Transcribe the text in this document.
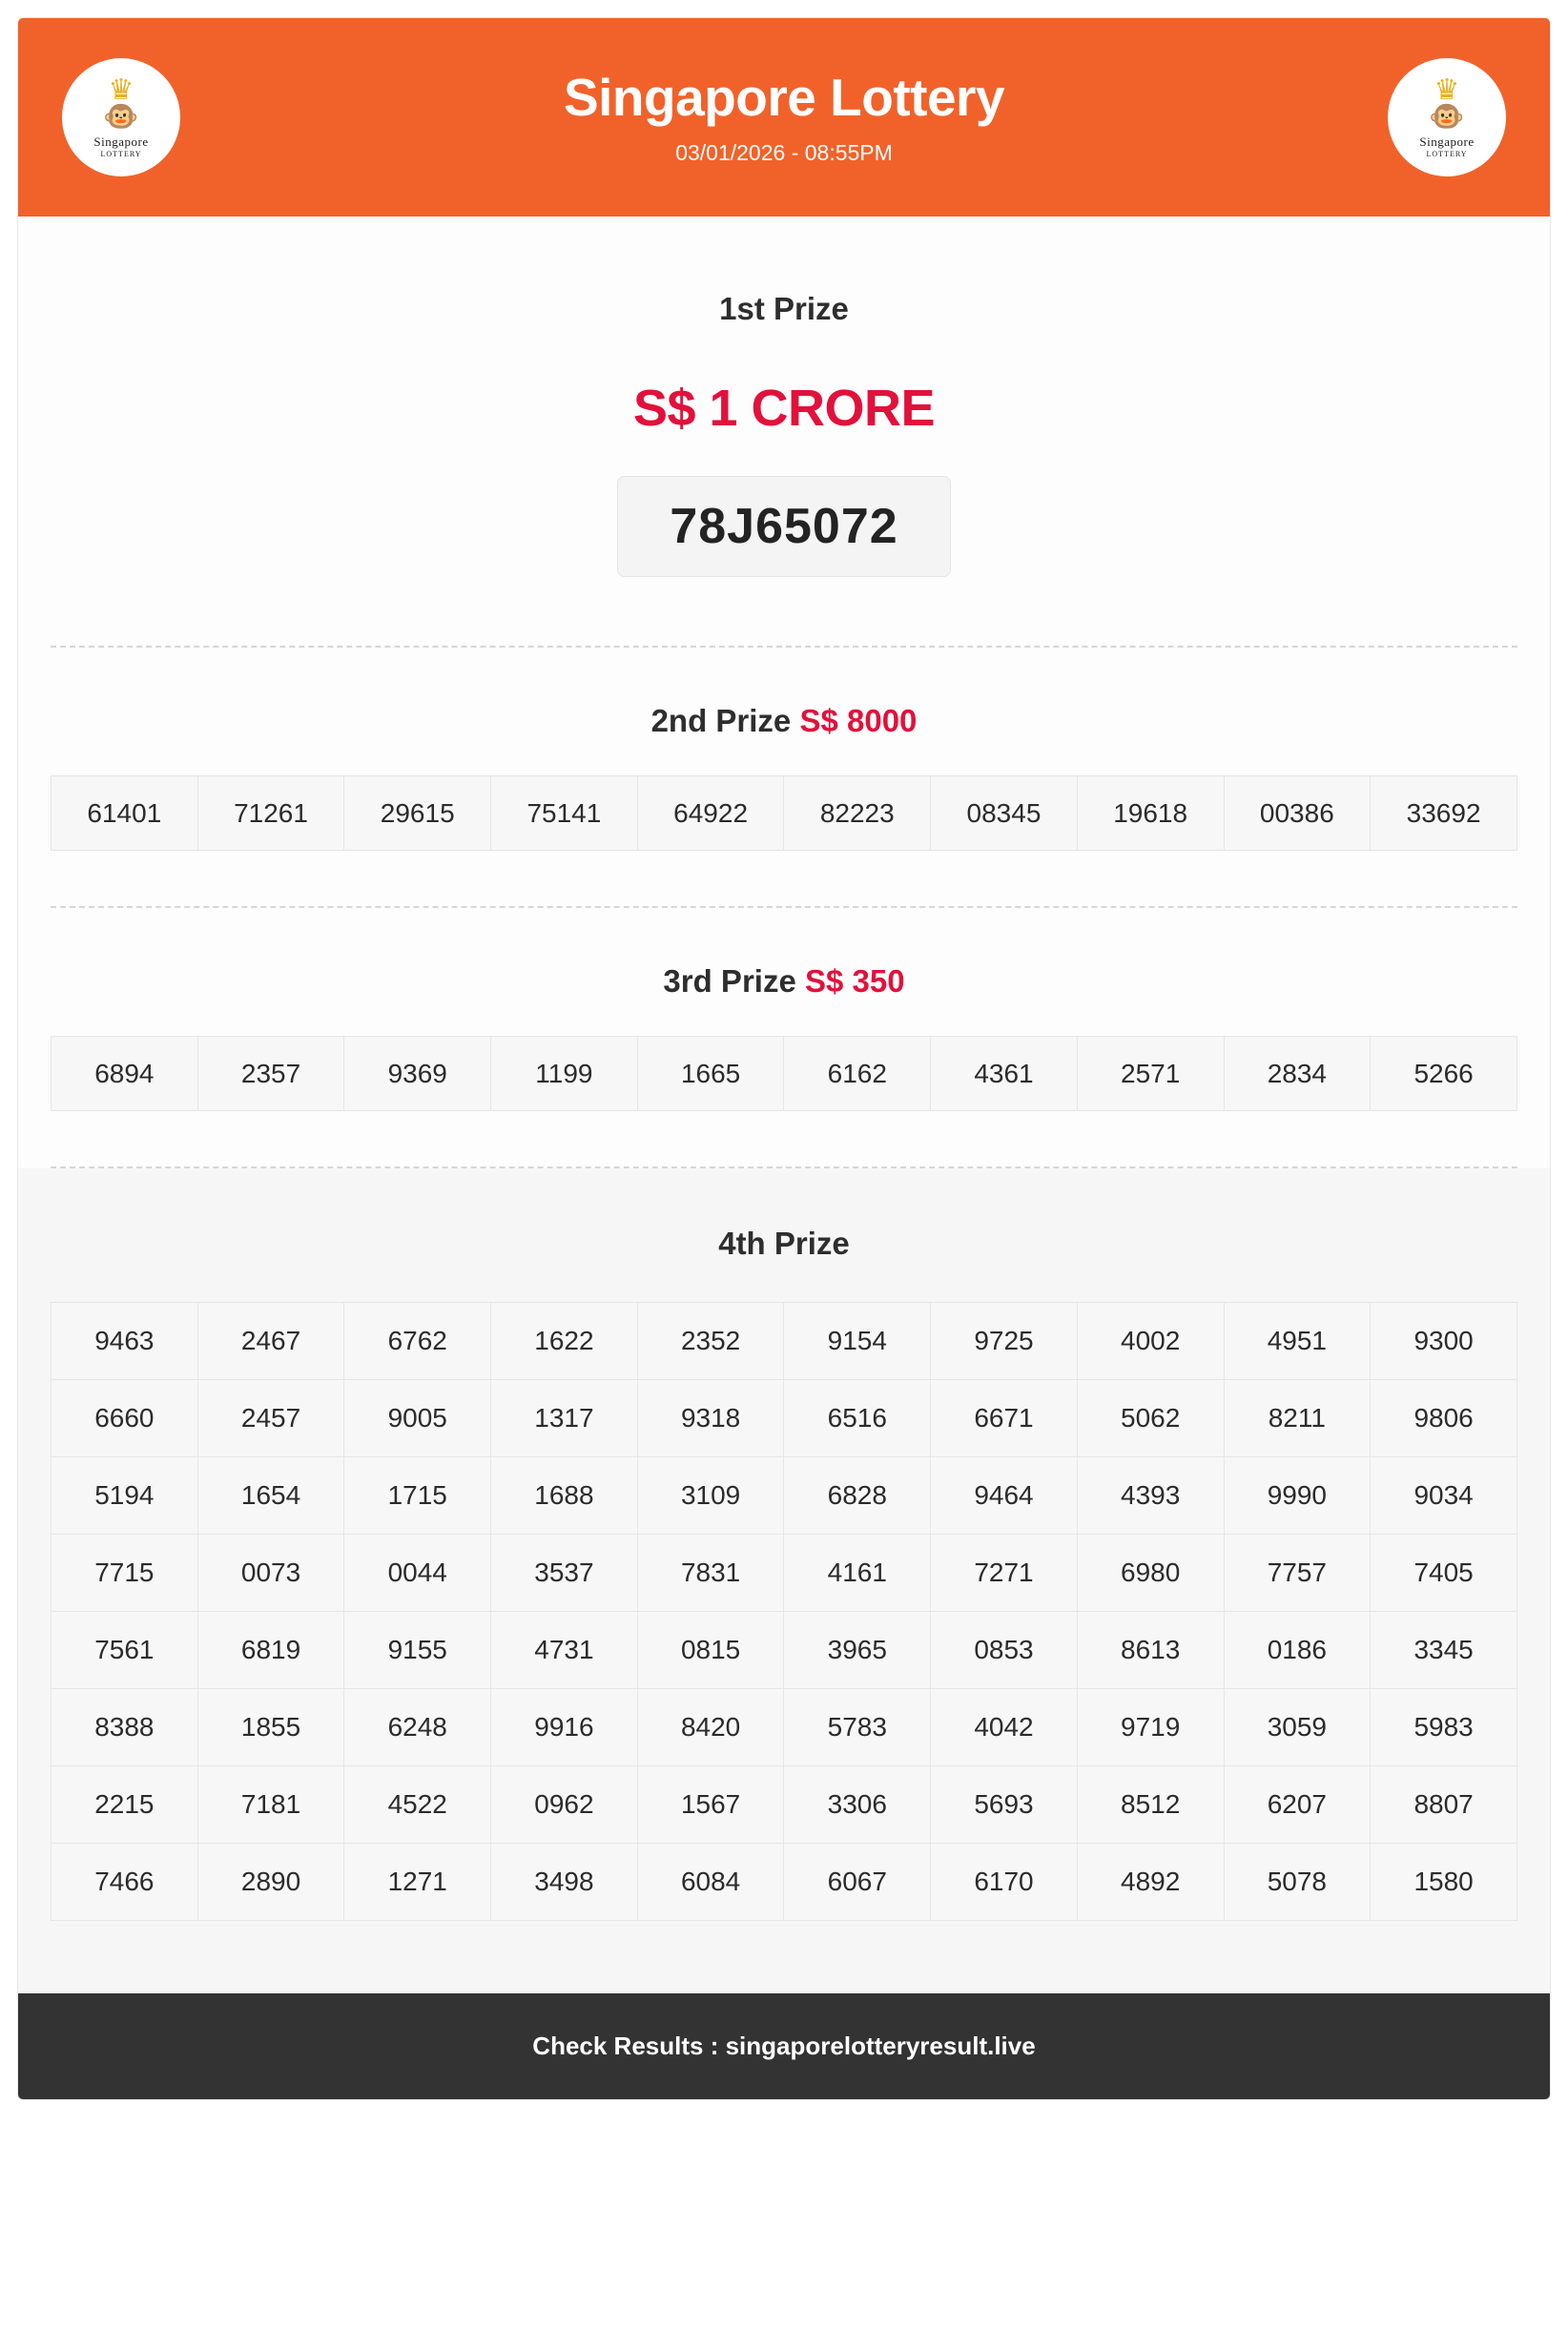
♛
🐵
Singapore
LOTTERY
Singapore Lottery
03/01/2026 - 08:55PM
♛
🐵
Singapore
LOTTERY
1st Prize
S$ 1 CRORE
78J65072
2nd Prize S$ 8000
61401	71261	29615	75141	64922	82223	08345	19618	00386	33692
3rd Prize S$ 350
6894	2357	9369	1199	1665	6162	4361	2571	2834	5266
4th Prize
9463	2467	6762	1622	2352	9154	9725	4002	4951	9300
6660	2457	9005	1317	9318	6516	6671	5062	8211	9806
5194	1654	1715	1688	3109	6828	9464	4393	9990	9034
7715	0073	0044	3537	7831	4161	7271	6980	7757	7405
7561	6819	9155	4731	0815	3965	0853	8613	0186	3345
8388	1855	6248	9916	8420	5783	4042	9719	3059	5983
2215	7181	4522	0962	1567	3306	5693	8512	6207	8807
7466	2890	1271	3498	6084	6067	6170	4892	5078	1580
Check Results : singaporelotteryresult.live
